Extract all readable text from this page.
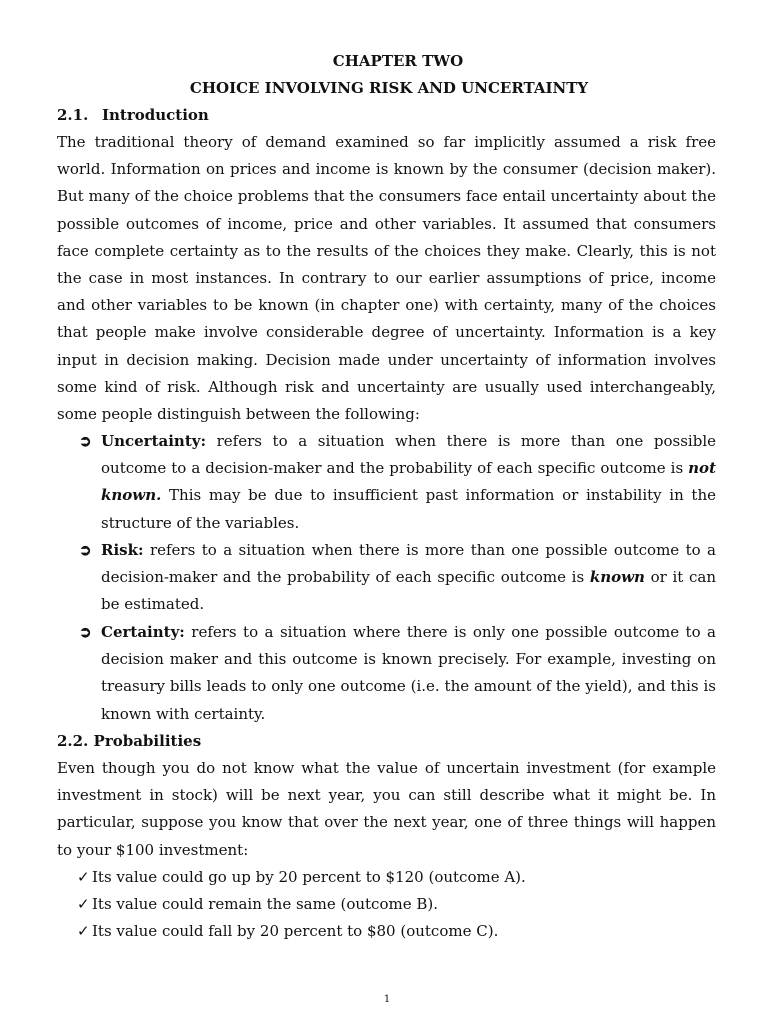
CHAPTER TWO
CHOICE INVOLVING RISK AND UNCERTAINTY
2.1. Introduction

The traditional theory of demand examined so far implicitly assumed a risk free world. Information on prices and income is known by the consumer (decision maker). But many of the choice problems that the consumers face entail uncertainty about the possible outcomes of income, price and other variables. It assumed that consumers face complete certainty as to the results of the choices they make. Clearly, this is not the case in most instances. In contrary to our earlier assumptions of price, income and other variables to be known (in chapter one) with certainty, many of the choices that people make involve considerable degree of uncertainty. Information is a key input in decision making. Decision made under uncertainty of information involves some kind of risk. Although risk and uncertainty are usually used interchangeably, some people distinguish between the following:

➲ Uncertainty: refers to a situation when there is more than one possible outcome to a decision-maker and the probability of each specific outcome is not known. This may be due to insufficient past information or instability in the structure of the variables.

➲ Risk: refers to a situation when there is more than one possible outcome to a decision-maker and the probability of each specific outcome is known or it can be estimated.

➲ Certainty: refers to a situation where there is only one possible outcome to a decision maker and this outcome is known precisely. For example, investing on treasury bills leads to only one outcome (i.e. the amount of the yield), and this is known with certainty.

2.2. Probabilities

Even though you do not know what the value of uncertain investment (for example investment in stock) will be next year, you can still describe what it might be. In particular, suppose you know that over the next year, one of three things will happen to your $100 investment:

✓ Its value could go up by 20 percent to $120 (outcome A).
✓ Its value could remain the same (outcome B).
✓ Its value could fall by 20 percent to $80 (outcome C).
1
